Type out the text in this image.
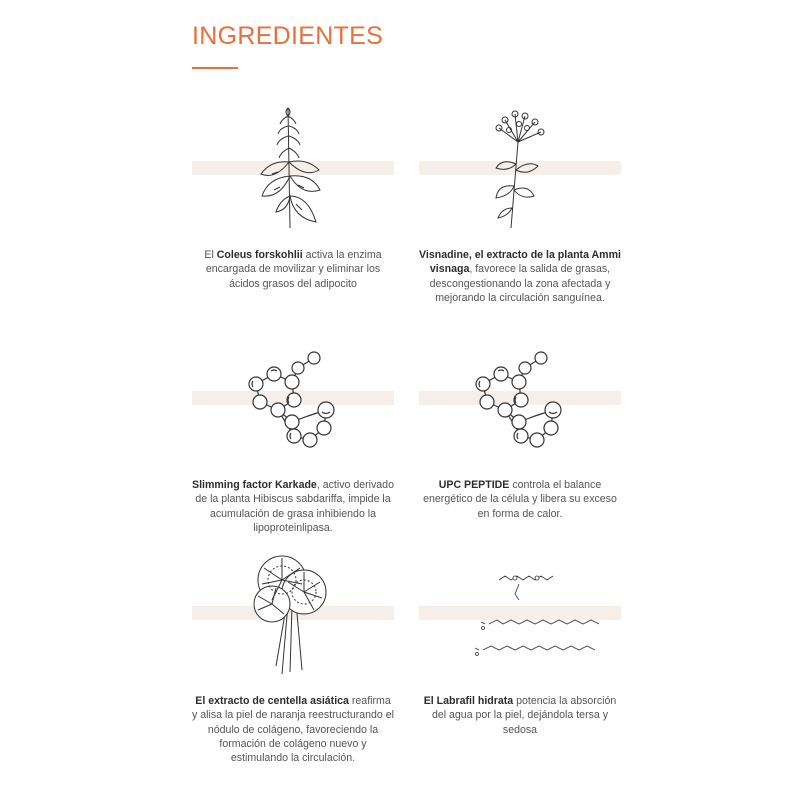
INGREDIENTES

El Coleus forskohlii activa la enzima encargada de movilizar y eliminar los ácidos grasos del adipocito

Visnadine, el extracto de la planta Ammi visnaga, favorece la salida de grasas, descongestionando la zona afectada y mejorando la circulación sanguínea.

Slimming factor Karkade, activo derivado de la planta Hibiscus sabdariffa, impide la acumulación de grasa inhibiendo la lipoproteinlipasa.

UPC PEPTIDE controla el balance energético de la célula y libera su exceso en forma de calor.

El extracto de centella asiática reafirma y alisa la piel de naranja reestructurando el nódulo de colágeno, favoreciendo la formación de colágeno nuevo y estimulando la circulación.

El Labrafil hidrata potencia la absorción del agua por la piel, dejándola tersa y sedosa
